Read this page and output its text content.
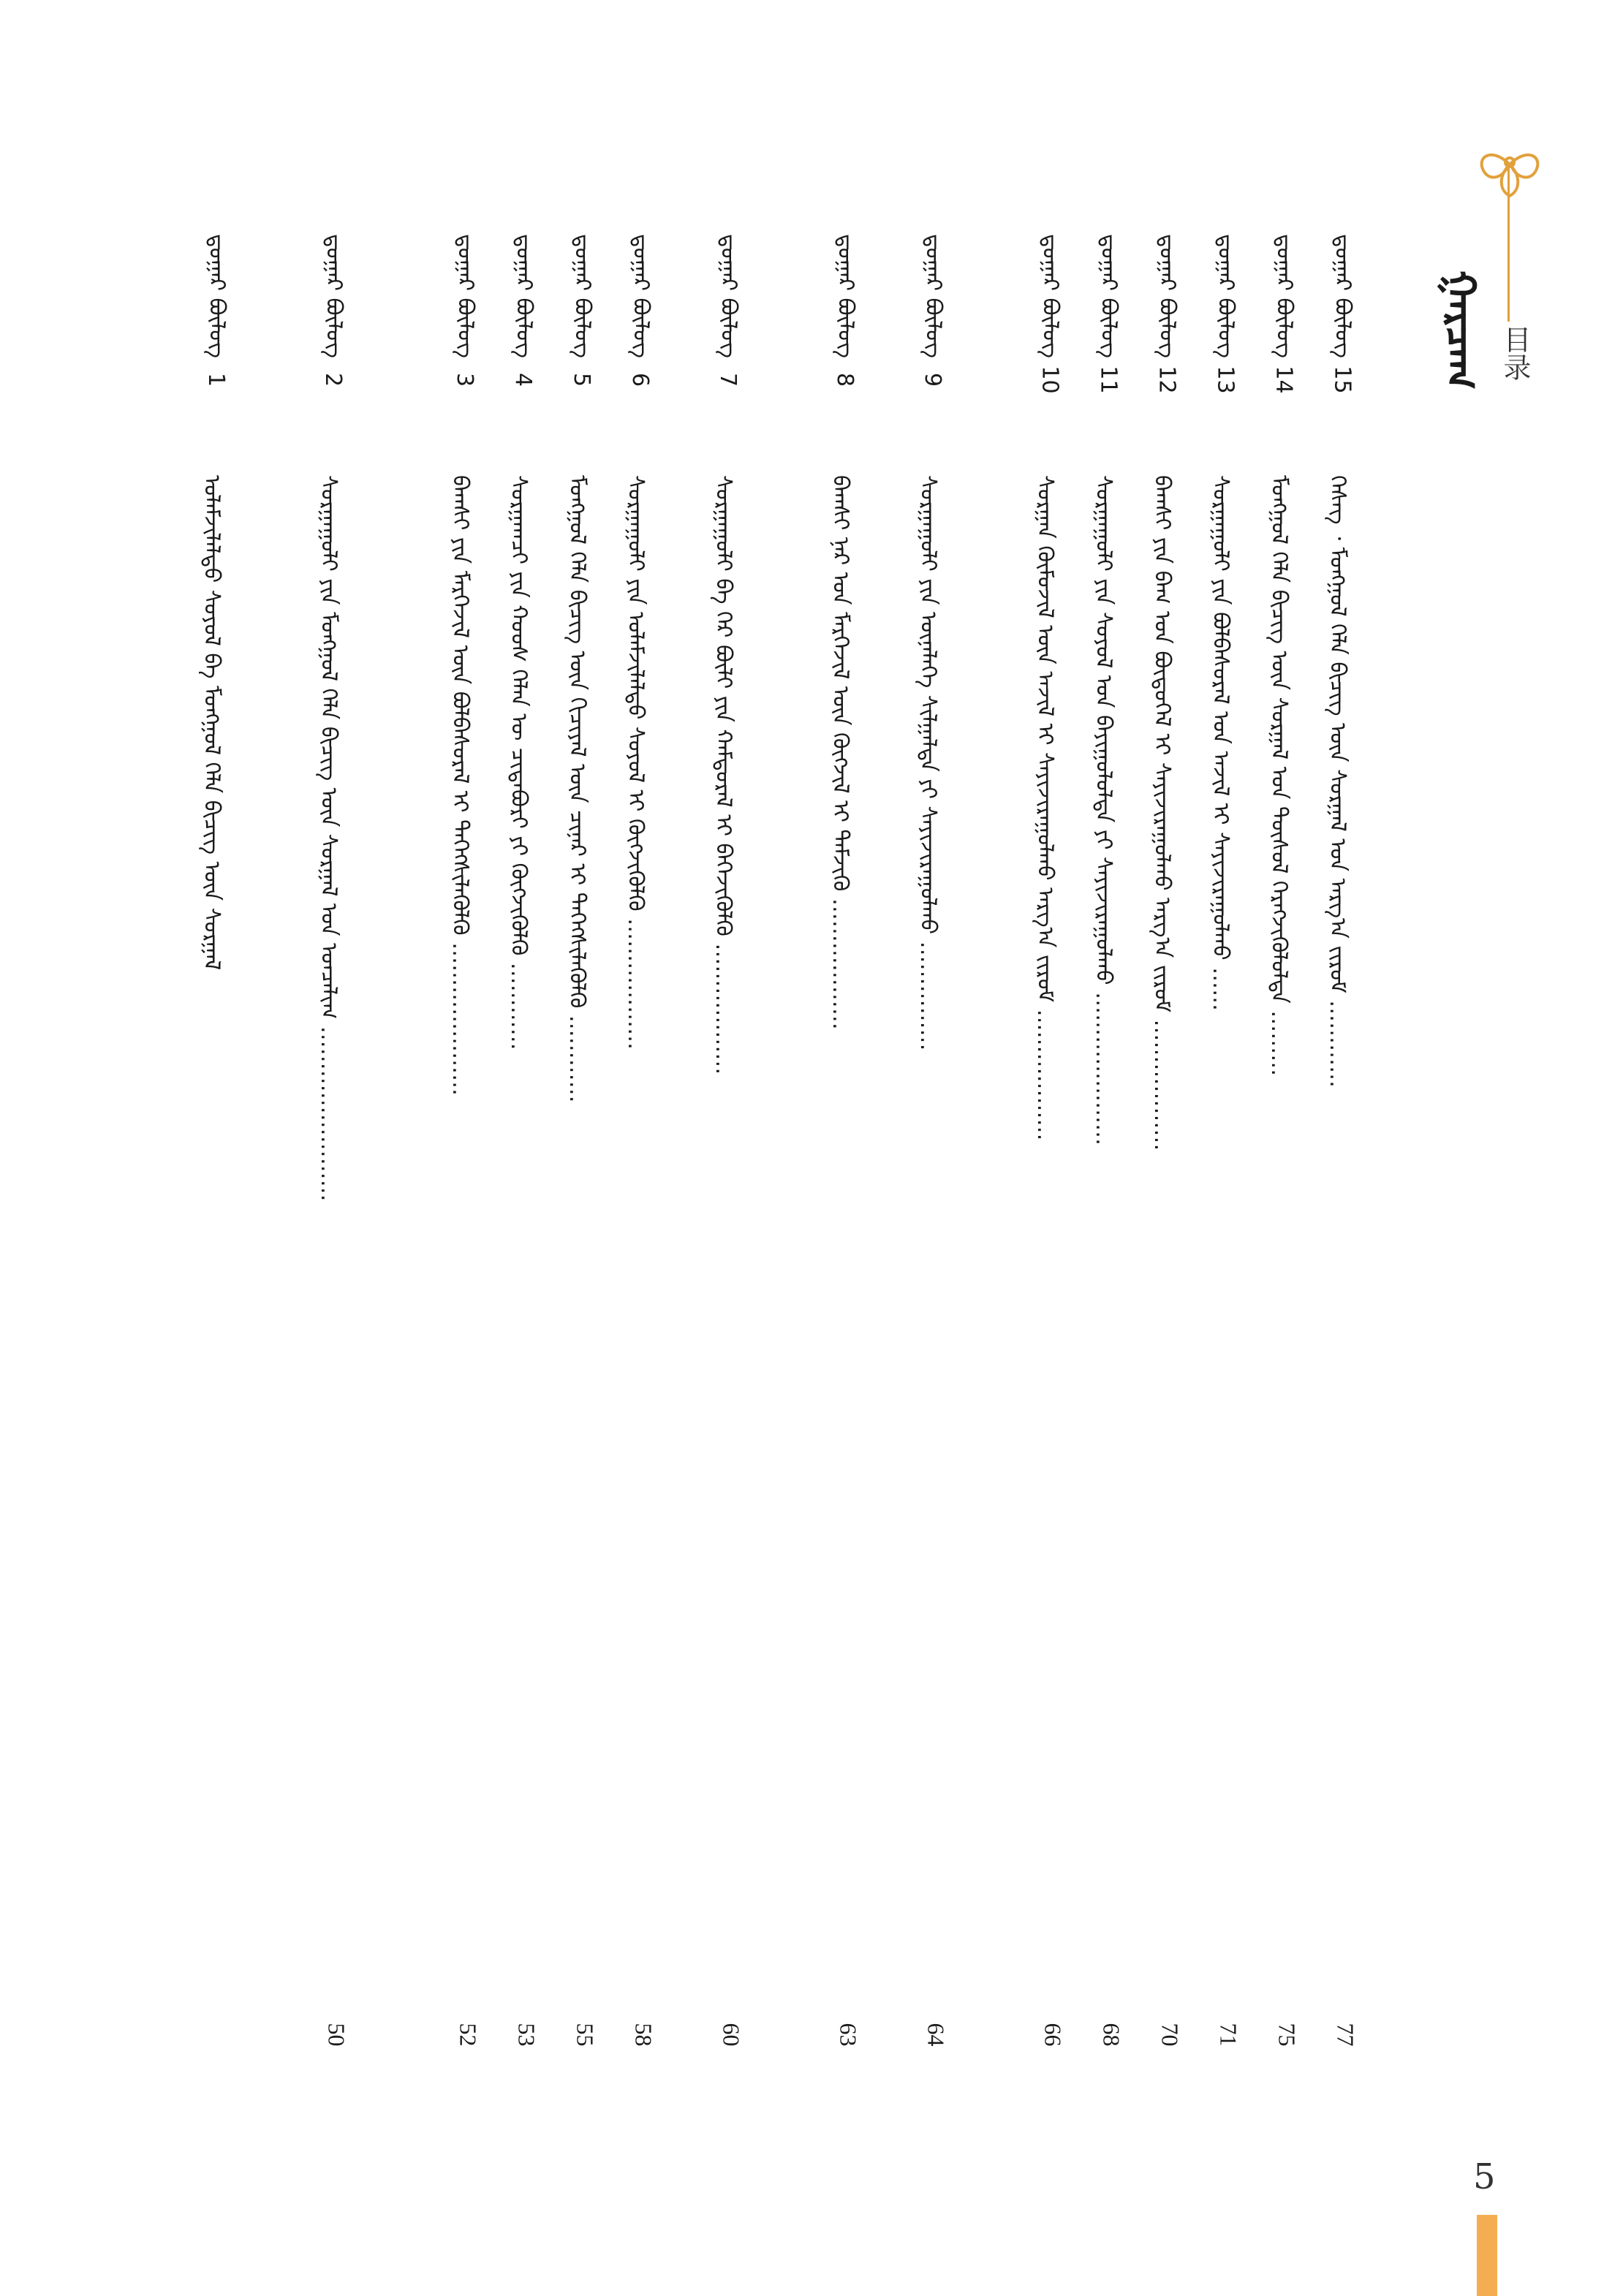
ᠭᠠᠷᠴᠠᠭ 目录
ᠳ᠋ᠤᠭᠠᠷ ᠪᠦᠯᠦᠭ15
ᠬᠡᠰᠡᠭ ᠂ ᠮᠣᠩᠭᠣᠯ ᠬᠡᠯᠡ ᠪᠢᠴᠢᠭ ᠦᠨ ᠰᠤᠷᠭᠠᠯ ᠤᠨ ᠠᠷᠭ᠎ᠠ ᠵᠢᠷᠤᠮ …………
77
ᠳ᠋ᠤᠭᠠᠷ ᠪᠦᠯᠦᠭ14
ᠮᠣᠩᠭᠣᠯ ᠬᠡᠯᠡ ᠪᠢᠴᠢᠭ ᠦᠨ ᠰᠤᠷᠭᠠᠯ ᠤᠨ ᠲᠥᠰᠥᠯ ᠬᠡᠷᠡᠭᠵᠢᠭᠦᠯᠦᠯᠲᠡ ………
75
ᠳ᠋ᠤᠭᠠᠷ ᠪᠦᠯᠦᠭ13
ᠰᠤᠷᠭᠠᠭᠤᠯᠢ ᠶᠢᠨ ᠪᠣᠯᠪᠠᠰᠤᠷᠠᠯ ᠤᠨ ᠠᠵᠢᠯ ᠢ ᠰᠠᠶᠢᠵᠢᠷᠠᠭᠤᠯᠬᠤ ……
71
ᠳ᠋ᠤᠭᠠᠷ ᠪᠦᠯᠦᠭ12
ᠪᠠᠭᠰᠢ ᠶᠢᠨ ᠪᠠᠭ ᠤᠨ ᠪᠦᠲᠦᠭᠡᠯ ᠢ ᠰᠠᠶᠢᠵᠢᠷᠠᠭᠤᠯᠬᠤ ᠠᠷᠭ᠎ᠠ ᠵᠢᠷᠤᠮ ………………
70
ᠳ᠋ᠤᠭᠠᠷ ᠪᠦᠯᠦᠭ11
ᠰᠤᠷᠭᠠᠭᠤᠯᠢ ᠶᠢᠨ ᠰᠣᠶᠣᠯ ᠤᠨ ᠪᠠᠶᠢᠭᠤᠯᠤᠯᠲᠠ ᠶᠢ ᠰᠠᠶᠢᠵᠢᠷᠠᠭᠤᠯᠬᠤ …………………
68
ᠳ᠋ᠤᠭᠠᠷ ᠪᠦᠯᠦᠭ10
ᠰᠤᠷᠭᠠᠨ ᠬᠦᠮᠦᠵᠢᠯ ᠦᠨ ᠠᠵᠢᠯ ᠢ ᠰᠠᠶᠢᠵᠢᠷᠠᠭᠤᠯᠬᠤ ᠠᠷᠭ᠎ᠠ ᠵᠢᠷᠤᠮ ………………
66
ᠳ᠋ᠤᠭᠠᠷ ᠪᠦᠯᠦᠭ9
ᠰᠤᠷᠭᠠᠭᠤᠯᠢ ᠶᠢᠨ ᠦᠨᠡᠯᠡᠭᠡ ᠰᠢᠯᠭᠠᠯᠲᠠ ᠶᠢ ᠰᠠᠶᠢᠵᠢᠷᠠᠭᠤᠯᠬᠤ ……………
64
ᠳ᠋ᠤᠭᠠᠷ ᠪᠦᠯᠦᠭ8
ᠪᠠᠭᠰᠢ ᠨᠠᠷ ᠤᠨ ᠮᠡᠷᠭᠡᠵᠢᠯ ᠦᠨ ᠬᠥᠭᠵᠢᠯ ᠢ ᠳᠡᠮᠵᠢᠬᠦ ………………
63
ᠳ᠋ᠤᠭᠠᠷ ᠪᠦᠯᠦᠭ7
ᠰᠤᠷᠭᠠᠭᠤᠯᠢ ᠪᠠ ᠭᠡᠷ ᠪᠦᠯᠢ ᠶᠢᠨ ᠬᠠᠮᠲᠤᠷᠠᠯ ᠢ ᠪᠡᠬᠡᠵᠢᠭᠦᠯᠬᠦ ………………
60
ᠳ᠋ᠤᠭᠠᠷ ᠪᠦᠯᠦᠭ6
ᠰᠤᠷᠭᠠᠭᠤᠯᠢ ᠶᠢᠨ ᠤᠯᠠᠮᠵᠢᠯᠠᠯᠲᠤ ᠰᠣᠶᠣᠯ ᠢ ᠬᠥᠭᠵᠢᠭᠦᠯᠬᠦ ………………
58
ᠳ᠋ᠤᠭᠠᠷ ᠪᠦᠯᠦᠭ5
ᠮᠣᠩᠭᠣᠯ ᠬᠡᠯᠡ ᠪᠢᠴᠢᠭ ᠦᠨ ᠬᠢᠴᠢᠶᠡᠯ ᠦᠨ ᠴᠢᠨᠠᠷ ᠢ ᠳᠡᠭᠡᠭᠰᠢᠯᠡᠭᠦᠯᠬᠦ …………
55
ᠳ᠋ᠤᠭᠠᠷ ᠪᠦᠯᠦᠭ4
ᠰᠤᠷᠭᠠᠭᠴᠢ ᠶᠢᠨ ᠬᠣᠣᠰ ᠬᠡᠯᠡᠨ ᠦ ᠴᠢᠳᠠᠪᠤᠷᠢ ᠶᠢ ᠬᠥᠭᠵᠢᠭᠦᠯᠬᠦ …………
53
ᠳ᠋ᠤᠭᠠᠷ ᠪᠦᠯᠦᠭ3
ᠪᠠᠭᠰᠢ ᠶᠢᠨ ᠮᠡᠷᠭᠡᠵᠢᠯ ᠦᠨ ᠪᠣᠯᠪᠠᠰᠤᠷᠠᠯ ᠢ ᠳᠡᠭᠡᠭᠰᠢᠯᠡᠭᠦᠯᠬᠦ …………………
52
ᠳ᠋ᠤᠭᠠᠷ ᠪᠦᠯᠦᠭ2
ᠰᠤᠷᠭᠠᠭᠤᠯᠢ ᠶᠢᠨ ᠮᠣᠩᠭᠣᠯ ᠬᠡᠯᠡ ᠪᠢᠴᠢᠭ ᠦᠨ ᠰᠤᠷᠭᠠᠯ ᠤᠨ ᠣᠨᠴᠠᠯᠢᠭ ……………………
50
ᠳ᠋ᠤᠭᠠᠷ ᠪᠦᠯᠦᠭ1
ᠤᠯᠠᠮᠵᠢᠯᠠᠯᠲᠤ ᠰᠣᠶᠣᠯ ᠪᠠ ᠮᠣᠩᠭᠣᠯ ᠬᠡᠯᠡ ᠪᠢᠴᠢᠭ ᠦᠨ ᠰᠤᠷᠭᠠᠯ
5
